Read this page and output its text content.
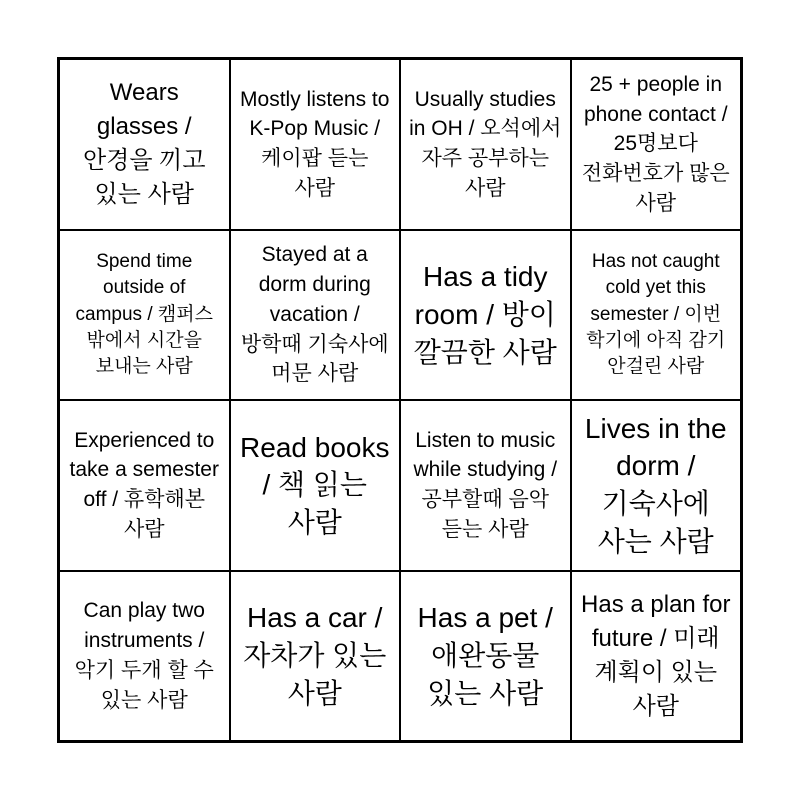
Wears glasses / 안경을 끼고 있는 사람
Mostly listens to K-Pop Music / 케이팝 듣는 사람
Usually studies in OH / 오석에서 자주 공부하는 사람
25 + people in phone contact / 25명보다 전화번호가 많은 사람
Spend time outside of campus / 캠퍼스 밖에서 시간을 보내는 사람
Stayed at a dorm during vacation / 방학때 기숙사에 머문 사람
Has a tidy room / 방이 깔끔한 사람
Has not caught cold yet this semester / 이번 학기에 아직 감기 안걸린 사람
Experienced to take a semester off / 휴학해본 사람
Read books / 책 읽는 사람
Listen to music while studying / 공부할때 음악 듣는 사람
Lives in the dorm / 기숙사에 사는 사람
Can play two instruments / 악기 두개 할 수 있는 사람
Has a car / 자차가 있는 사람
Has a pet / 애완동물 있는 사람
Has a plan for future / 미래 계획이 있는 사람
